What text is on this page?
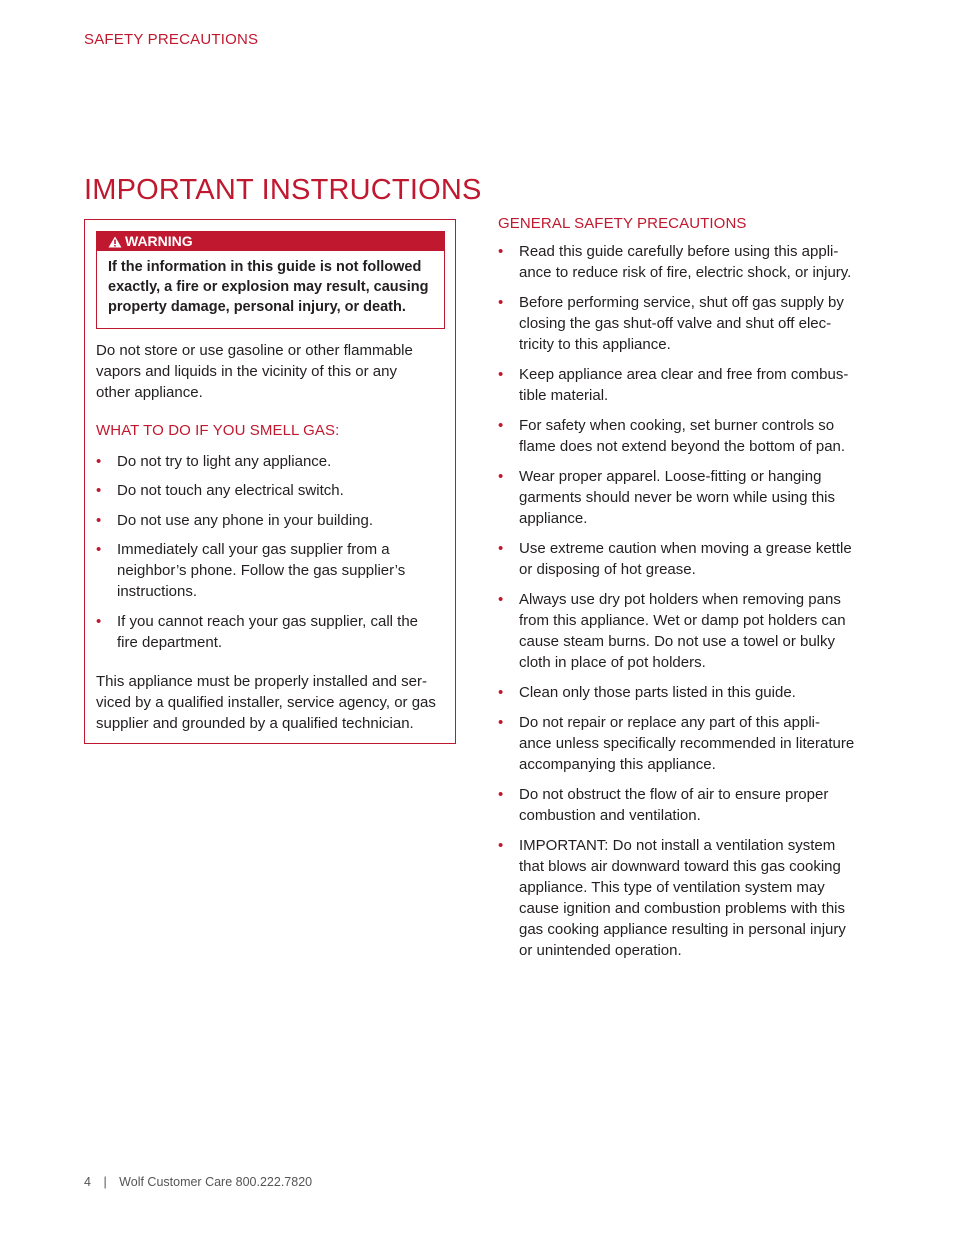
SAFETY PRECAUTIONS
IMPORTANT INSTRUCTIONS
WARNING
If the information in this guide is not followed
exactly, a fire or explosion may result, causing
property damage, personal injury, or death.
Do not store or use gasoline or other flammable
vapors and liquids in the vicinity of this or any
other appliance.
WHAT TO DO IF YOU SMELL GAS:
• Do not try to light any appliance.
• Do not touch any electrical switch.
• Do not use any phone in your building.
• Immediately call your gas supplier from a
neighbor’s phone. Follow the gas supplier’s
instructions.
• If you cannot reach your gas supplier, call the
fire department.
This appliance must be properly installed and ser-
viced by a qualified installer, service agency, or gas
supplier and grounded by a qualified technician.
GENERAL SAFETY PRECAUTIONS
• Read this guide carefully before using this appli-
ance to reduce risk of fire, electric shock, or injury.
• Before performing service, shut off gas supply by
closing the gas shut-off valve and shut off elec-
tricity to this appliance.
• Keep appliance area clear and free from combus-
tible material.
• For safety when cooking, set burner controls so
flame does not extend beyond the bottom of pan.
• Wear proper apparel. Loose-fitting or hanging
garments should never be worn while using this
appliance.
• Use extreme caution when moving a grease kettle
or disposing of hot grease.
• Always use dry pot holders when removing pans
from this appliance. Wet or damp pot holders can
cause steam burns. Do not use a towel or bulky
cloth in place of pot holders.
• Clean only those parts listed in this guide.
• Do not repair or replace any part of this appli-
ance unless specifically recommended in literature
accompanying this appliance.
• Do not obstruct the flow of air to ensure proper
combustion and ventilation.
• IMPORTANT: Do not install a ventilation system
that blows air downward toward this gas cooking
appliance. This type of ventilation system may
cause ignition and combustion problems with this
gas cooking appliance resulting in personal injury
or unintended operation.
4 | Wolf Customer Care 800.222.7820
